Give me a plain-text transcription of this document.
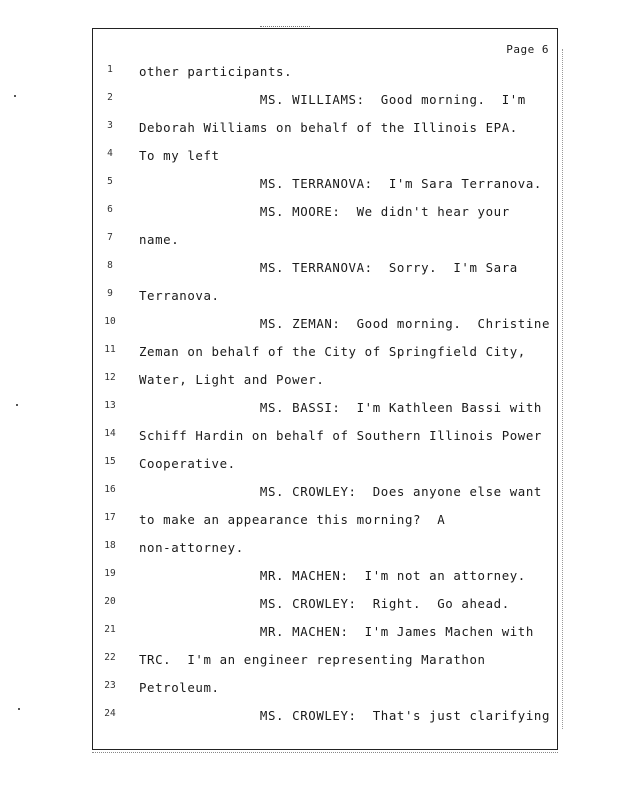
Page 6
1	other participants.
2	MS. WILLIAMS:  Good morning.  I'm
3	Deborah Williams on behalf of the Illinois EPA.
4	To my left
5	MS. TERRANOVA:  I'm Sara Terranova.
6	MS. MOORE:  We didn't hear your
7	name.
8	MS. TERRANOVA:  Sorry.  I'm Sara
9	Terranova.
10	MS. ZEMAN:  Good morning.  Christine
11	Zeman on behalf of the City of Springfield City,
12	Water, Light and Power.
13	MS. BASSI:  I'm Kathleen Bassi with
14	Schiff Hardin on behalf of Southern Illinois Power
15	Cooperative.
16	MS. CROWLEY:  Does anyone else want
17	to make an appearance this morning?  A
18	non-attorney.
19	MR. MACHEN:  I'm not an attorney.
20	MS. CROWLEY:  Right.  Go ahead.
21	MR. MACHEN:  I'm James Machen with
22	TRC.  I'm an engineer representing Marathon
23	Petroleum.
24	MS. CROWLEY:  That's just clarifying
